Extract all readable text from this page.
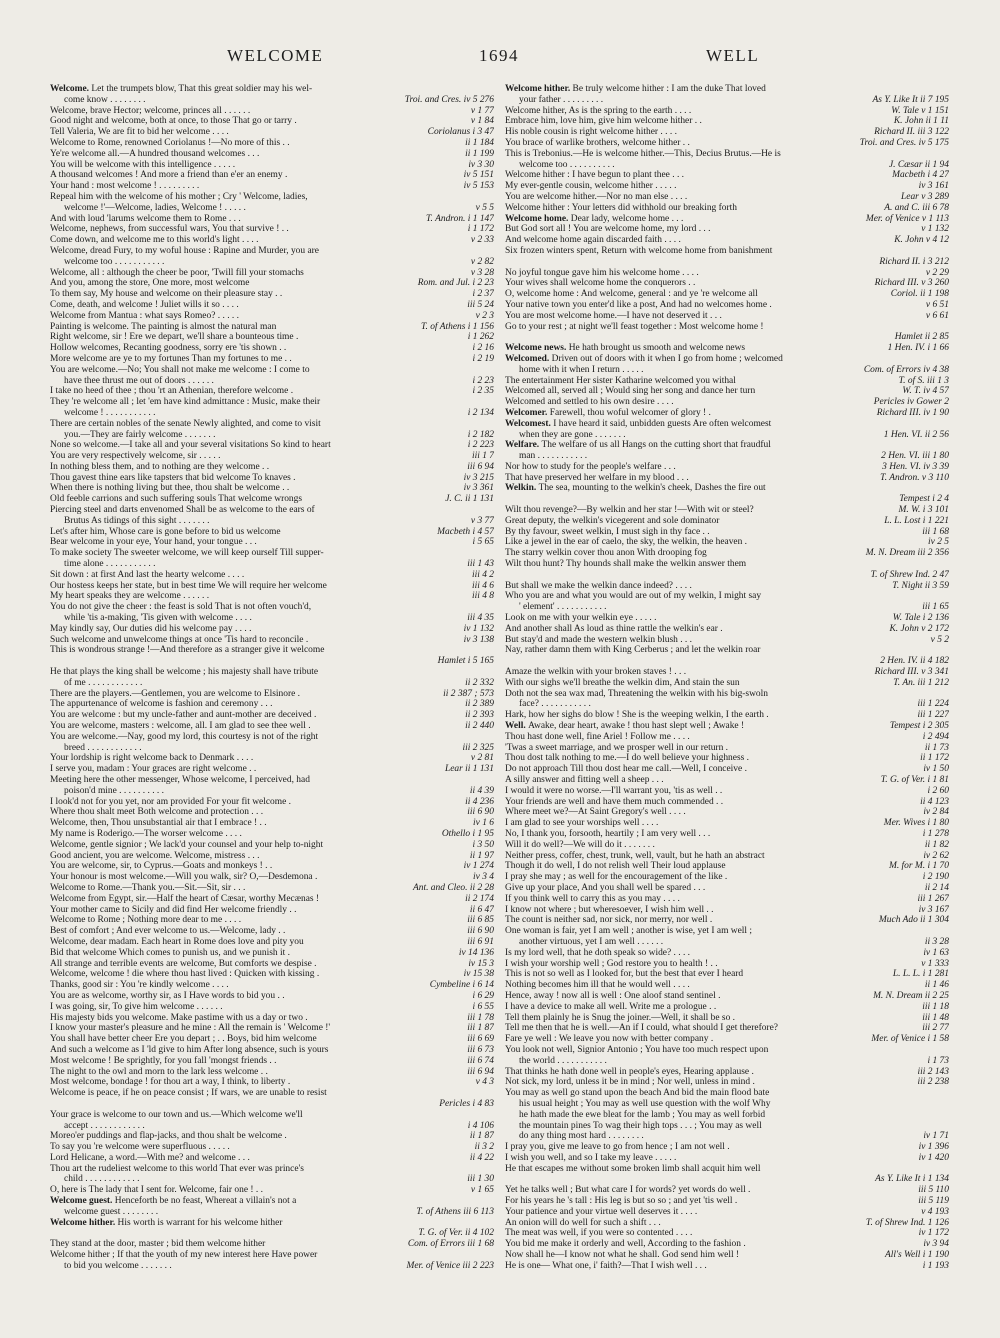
WELCOME	1694	WELL
Welcome. Let the trumpets blow, That this great soldier may his wel-
come know . . . . . . . .	Troi. and Cres. iv 5 276
Welcome, brave Hector; welcome, princes all . . . . . .	v 1 77
Good night and welcome, both at once, to those That go or tarry .	v 1 84
Tell Valeria, We are fit to bid her welcome . . . .	Coriolanus i 3 47
Welcome to Rome, renowned Coriolanus !—No more of this . .	ii 1 184
Ye're welcome all.—A hundred thousand welcomes . . .	ii 1 199
You will be welcome with this intelligence . . . . .	iv 3 30
A thousand welcomes ! And more a friend than e'er an enemy .	iv 5 151
Your hand : most welcome ! . . . . . . . . .	iv 5 153
Repeal him with the welcome of his mother ; Cry ' Welcome, ladies,
welcome !'—Welcome, ladies, Welcome ! . . . . .	v 5 5
And with loud 'larums welcome them to Rome . . .	T. Andron. i 1 147
Welcome, nephews, from successful wars, You that survive ! . .	i 1 172
Come down, and welcome me to this world's light . . . .	v 2 33
Welcome, dread Fury, to my woful house : Rapine and Murder, you are
welcome too . . . . . . . . . . .	v 2 82
Welcome, all : although the cheer be poor, 'Twill fill your stomachs	v 3 28
And you, among the store, One more, most welcome	Rom. and Jul. i 2 23
To them say, My house and welcome on their pleasure stay . .	i 2 37
Come, death, and welcome ! Juliet wills it so . . . .	iii 5 24
Welcome from Mantua : what says Romeo? . . . . .	v 2 3
Painting is welcome. The painting is almost the natural man	T. of Athens i 1 156
Right welcome, sir ! Ere we depart, we'll share a bounteous time .	i 1 262
Hollow welcomes, Recanting goodness, sorry ere 'tis shown . .	i 2 16
More welcome are ye to my fortunes Than my fortunes to me . .	i 2 19
You are welcome.—No; You shall not make me welcome : I come to
have thee thrust me out of doors . . . . . .	i 2 23
I take no heed of thee ; thou 'rt an Athenian, therefore welcome .	i 2 35
They 're welcome all ; let 'em have kind admittance : Music, make their
welcome ! . . . . . . . . . . .	i 2 134
There are certain nobles of the senate Newly alighted, and come to visit
you.—They are fairly welcome . . . . . . .	i 2 182
None so welcome.—I take all and your several visitations So kind to heart	i 2 223
You are very respectively welcome, sir . . . . .	iii 1 7
In nothing bless them, and to nothing are they welcome . .	iii 6 94
Thou gavest thine ears like tapsters that bid welcome To knaves .	iv 3 215
When there is nothing living but thee, thou shalt be welcome . .	iv 3 361
Old feeble carrions and such suffering souls That welcome wrongs	J. C. ii 1 131
Piercing steel and darts envenomed Shall be as welcome to the ears of
Brutus As tidings of this sight . . . . . . .	v 3 77
Let's after him, Whose care is gone before to bid us welcome	Macbeth i 4 57
Bear welcome in your eye, Your hand, your tongue . . .	i 5 65
To make society The sweeter welcome, we will keep ourself Till supper-
time alone . . . . . . . . . . .	iii 1 43
Sit down : at first And last the hearty welcome . . . .	iii 4 2
Our hostess keeps her state, but in best time We will require her welcome	iii 4 6
My heart speaks they are welcome . . . . . .	iii 4 8
You do not give the cheer : the feast is sold That is not often vouch'd,
while 'tis a-making, 'Tis given with welcome . . . .	iii 4 35
May kindly say, Our duties did his welcome pay . . . .	iv 1 132
Such welcome and unwelcome things at once 'Tis hard to reconcile .	iv 3 138
This is wondrous strange !—And therefore as a stranger give it welcome
Hamlet i 5 165
He that plays the king shall be welcome ; his majesty shall have tribute
of me . . . . . . . . . . . .	ii 2 332
There are the players.—Gentlemen, you are welcome to Elsinore .	ii 2 387 ; 573
The appurtenance of welcome is fashion and ceremony . . .	ii 2 389
You are welcome : but my uncle-father and aunt-mother are deceived .	ii 2 393
You are welcome, masters : welcome, all. I am glad to see thee well .	ii 2 440
You are welcome.—Nay, good my lord, this courtesy is not of the right
breed . . . . . . . . . . . .	iii 2 325
Your lordship is right welcome back to Denmark . . . .	v 2 81
I serve you, madam : Your graces are right welcome . .	Lear ii 1 131
Meeting here the other messenger, Whose welcome, I perceived, had
poison'd mine . . . . . . . . . .	ii 4 39
I look'd not for you yet, nor am provided For your fit welcome .	ii 4 236
Where thou shalt meet Both welcome and protection . . .	iii 6 90
Welcome, then, Thou unsubstantial air that I embrace ! . .	iv 1 6
My name is Roderigo.—The worser welcome . . . .	Othello i 1 95
Welcome, gentle signior ; We lack'd your counsel and your help to-night	i 3 50
Good ancient, you are welcome. Welcome, mistress . . .	ii 1 97
You are welcome, sir, to Cyprus.—Goats and monkeys ! . .	iv 1 274
Your honour is most welcome.—Will you walk, sir? O,—Desdemona .	iv 3 4
Welcome to Rome.—Thank you.—Sit.—Sit, sir . . .	Ant. and Cleo. ii 2 28
Welcome from Egypt, sir.—Half the heart of Cæsar, worthy Mecænas !	ii 2 174
Your mother came to Sicily and did find Her welcome friendly . .	ii 6 47
Welcome to Rome ; Nothing more dear to me . . . .	iii 6 85
Best of comfort ; And ever welcome to us.—Welcome, lady . .	iii 6 90
Welcome, dear madam. Each heart in Rome does love and pity you	iii 6 91
Bid that welcome Which comes to punish us, and we punish it .	iv 14 136
All strange and terrible events are welcome, But comforts we despise .	iv 15 3
Welcome, welcome ! die where thou hast lived : Quicken with kissing .	iv 15 38
Thanks, good sir : You 're kindly welcome . . . .	Cymbeline i 6 14
You are as welcome, worthy sir, as I Have words to bid you . .	i 6 29
I was going, sir, To give him welcome . . . . . .	i 6 55
His majesty bids you welcome. Make pastime with us a day or two .	iii 1 78
I know your master's pleasure and he mine : All the remain is ' Welcome !'	iii 1 87
You shall have better cheer Ere you depart ; . . Boys, bid him welcome	iii 6 69
And such a welcome as I 'ld give to him After long absence, such is yours	iii 6 73
Most welcome ! Be sprightly, for you fall 'mongst friends . .	iii 6 74
The night to the owl and morn to the lark less welcome . .	iii 6 94
Most welcome, bondage ! for thou art a way, I think, to liberty .	v 4 3
Welcome is peace, if he on peace consist ; If wars, we are unable to resist
Pericles i 4 83
Your grace is welcome to our town and us.—Which welcome we'll
accept . . . . . . . . . . . .	i 4 106
Moreo'er puddings and flap-jacks, and thou shalt be welcome .	ii 1 87
To say you 're welcome were superfluous . . . . .	ii 3 2
Lord Helicane, a word.—With me? and welcome . . .	ii 4 22
Thou art the rudeliest welcome to this world That ever was prince's
child . . . . . . . . . . . .	iii 1 30
O, here is The lady that I sent for. Welcome, fair one ! . .	v 1 65
Welcome guest. Henceforth be no feast, Whereat a villain's not a
welcome guest . . . . . . . .	T. of Athens iii 6 113
Welcome hither. His worth is warrant for his welcome hither
T. G. of Ver. ii 4 102
They stand at the door, master ; bid them welcome hither	Com. of Errors iii 1 68
Welcome hither ; If that the youth of my new interest here Have power
to bid you welcome . . . . . . .	Mer. of Venice iii 2 223
Welcome hither. Be truly welcome hither : I am the duke That loved
your father . . . . . . . . .	As Y. Like It ii 7 195
Welcome hither, As is the spring to the earth . . . .	W. Tale v 1 151
Embrace him, love him, give him welcome hither . .	K. John ii 1 11
His noble cousin is right welcome hither . . . .	Richard II. iii 3 122
You brace of warlike brothers, welcome hither . .	Troi. and Cres. iv 5 175
This is Trebonius.—He is welcome hither.—This, Decius Brutus.—He is
welcome too . . . . . . . . . .	J. Cæsar ii 1 94
Welcome hither : I have begun to plant thee . . .	Macbeth i 4 27
My ever-gentle cousin, welcome hither . . . . .	iv 3 161
You are welcome hither.—Nor no man else . . . .	Lear v 3 289
Welcome hither : Your letters did withhold our breaking forth	A. and C. iii 6 78
Welcome home. Dear lady, welcome home . . .	Mer. of Venice v 1 113
But God sort all ! You are welcome home, my lord . . .	v 1 132
And welcome home again discarded faith . . . .	K. John v 4 12
Six frozen winters spent, Return with welcome home from banishment
Richard II. i 3 212
No joyful tongue gave him his welcome home . . . .	v 2 29
Your wives shall welcome home the conquerors . .	Richard III. v 3 260
O, welcome home : And welcome, general : and ye 're welcome all	Coriol. ii 1 198
Your native town you enter'd like a post, And had no welcomes home .	v 6 51
You are most welcome home.—I have not deserved it . . .	v 6 61
Go to your rest ; at night we'll feast together : Most welcome home !
Hamlet ii 2 85
Welcome news. He hath brought us smooth and welcome news	1 Hen. IV. i 1 66
Welcomed. Driven out of doors with it when I go from home ; welcomed
home with it when I return . . . . .	Com. of Errors iv 4 38
The entertainment Her sister Katharine welcomed you withal	T. of S. iii 1 3
Welcomed all, served all ; Would sing her song and dance her turn	W. T. iv 4 57
Welcomed and settled to his own desire . . . .	Pericles iv Gower 2
Welcomer. Farewell, thou woful welcomer of glory ! .	Richard III. iv 1 90
Welcomest. I have heard it said, unbidden guests Are often welcomest
when they are gone . . . . . . .	1 Hen. VI. ii 2 56
Welfare. The welfare of us all Hangs on the cutting short that fraudful
man . . . . . . . . . . .	2 Hen. VI. iii 1 80
Nor how to study for the people's welfare . . .	3 Hen. VI. iv 3 39
That have preserved her welfare in my blood . . .	T. Andron. v 3 110
Welkin. The sea, mounting to the welkin's cheek, Dashes the fire out
Tempest i 2 4
Wilt thou revenge?—By welkin and her star !—With wit or steel?	M. W. i 3 101
Great deputy, the welkin's vicegerent and sole dominator	L. L. Lost i 1 221
By thy favour, sweet welkin, I must sigh in thy face . .	iii 1 68
Like a jewel in the ear of caelo, the sky, the welkin, the heaven .	iv 2 5
The starry welkin cover thou anon With drooping fog	M. N. Dream iii 2 356
Wilt thou hunt? Thy hounds shall make the welkin answer them
T. of Shrew Ind. 2 47
But shall we make the welkin dance indeed? . . . .	T. Night ii 3 59
Who you are and what you would are out of my welkin, I might say
' element' . . . . . . . . . . .	iii 1 65
Look on me with your welkin eye . . . . .	W. Tale i 2 136
And another shall As loud as thine rattle the welkin's ear .	K. John v 2 172
But stay'd and made the western welkin blush . . .	v 5 2
Nay, rather damn them with King Cerberus ; and let the welkin roar
2 Hen. IV. ii 4 182
Amaze the welkin with your broken staves ! . . .	Richard III. v 3 341
With our sighs we'll breathe the welkin dim, And stain the sun	T. An. iii 1 212
Doth not the sea wax mad, Threatening the welkin with his big-swoln
face? . . . . . . . . . . .	iii 1 224
Hark, how her sighs do blow ! She is the weeping welkin, I the earth .	iii 1 227
Well. Awake, dear heart, awake ! thou hast slept well ; Awake !	Tempest i 2 305
Thou hast done well, fine Ariel ! Follow me . . . .	i 2 494
'Twas a sweet marriage, and we prosper well in our return .	ii 1 73
Thou dost talk nothing to me.—I do well believe your highness .	ii 1 172
Do not approach Till thou dost hear me call.—Well, I conceive .	iv 1 50
A silly answer and fitting well a sheep . . .	T. G. of Ver. i 1 81
I would it were no worse.—I'll warrant you, 'tis as well . .	i 2 60
Your friends are well and have them much commended . .	ii 4 123
Where meet we?—At Saint Gregory's well . . . .	iv 2 84
I am glad to see your worships well . . . .	Mer. Wives i 1 80
No, I thank you, forsooth, heartily ; I am very well . . .	i 1 278
Will it do well?—We will do it . . . . . . .	ii 1 82
Neither press, coffer, chest, trunk, well, vault, but he hath an abstract	iv 2 62
Though it do well, I do not relish well Their loud applause	M. for M. i 1 70
I pray she may ; as well for the encouragement of the like .	i 2 190
Give up your place, And you shall well be spared . . .	ii 2 14
If you think well to carry this as you may . . . .	iii 1 267
I know not where ; but wheresoever, I wish him well . .	iv 3 167
The count is neither sad, nor sick, nor merry, nor well .	Much Ado ii 1 304
One woman is fair, yet I am well ; another is wise, yet I am well ;
another virtuous, yet I am well . . . . . .	ii 3 28
Is my lord well, that he doth speak so wide? . . . .	iv 1 63
I wish your worship well ; God restore you to health ! . .	v 1 333
This is not so well as I looked for, but the best that ever I heard	L. L. L. i 1 281
Nothing becomes him ill that he would well . . . .	ii 1 46
Hence, away ! now all is well : One aloof stand sentinel .	M. N. Dream ii 2 25
I have a device to make all well. Write me a prologue . .	iii 1 18
Tell them plainly he is Snug the joiner.—Well, it shall be so .	iii 1 48
Tell me then that he is well.—An if I could, what should I get therefore?	iii 2 77
Fare ye well : We leave you now with better company .	Mer. of Venice i 1 58
You look not well, Signior Antonio ; You have too much respect upon
the world . . . . . . . . . . .	i 1 73
That thinks he hath done well in people's eyes, Hearing applause .	iii 2 143
Not sick, my lord, unless it be in mind ; Nor well, unless in mind .	iii 2 238
You may as well go stand upon the beach And bid the main flood bate
his usual height ; You may as well use question with the wolf Why
he hath made the ewe bleat for the lamb ; You may as well forbid
the mountain pines To wag their high tops . . . ; You may as well
do any thing most hard . . . . . . . .	iv 1 71
I pray you, give me leave to go from hence ; I am not well .	iv 1 396
I wish you well, and so I take my leave . . . . .	iv 1 420
He that escapes me without some broken limb shall acquit him well
As Y. Like It i 1 134
Yet he talks well ; But what care I for words? yet words do well .	iii 5 110
For his years he 's tall : His leg is but so so ; and yet 'tis well .	iii 5 119
Your patience and your virtue well deserves it . . . .	v 4 193
An onion will do well for such a shift . . .	T. of Shrew Ind. 1 126
The meat was well, if you were so contented . . . .	iv 1 172
You bid me make it orderly and well, According to the fashion .	iv 3 94
Now shall he—I know not what he shall. God send him well !	All's Well i 1 190
He is one— What one, i' faith?—That I wish well . . .	i 1 193
